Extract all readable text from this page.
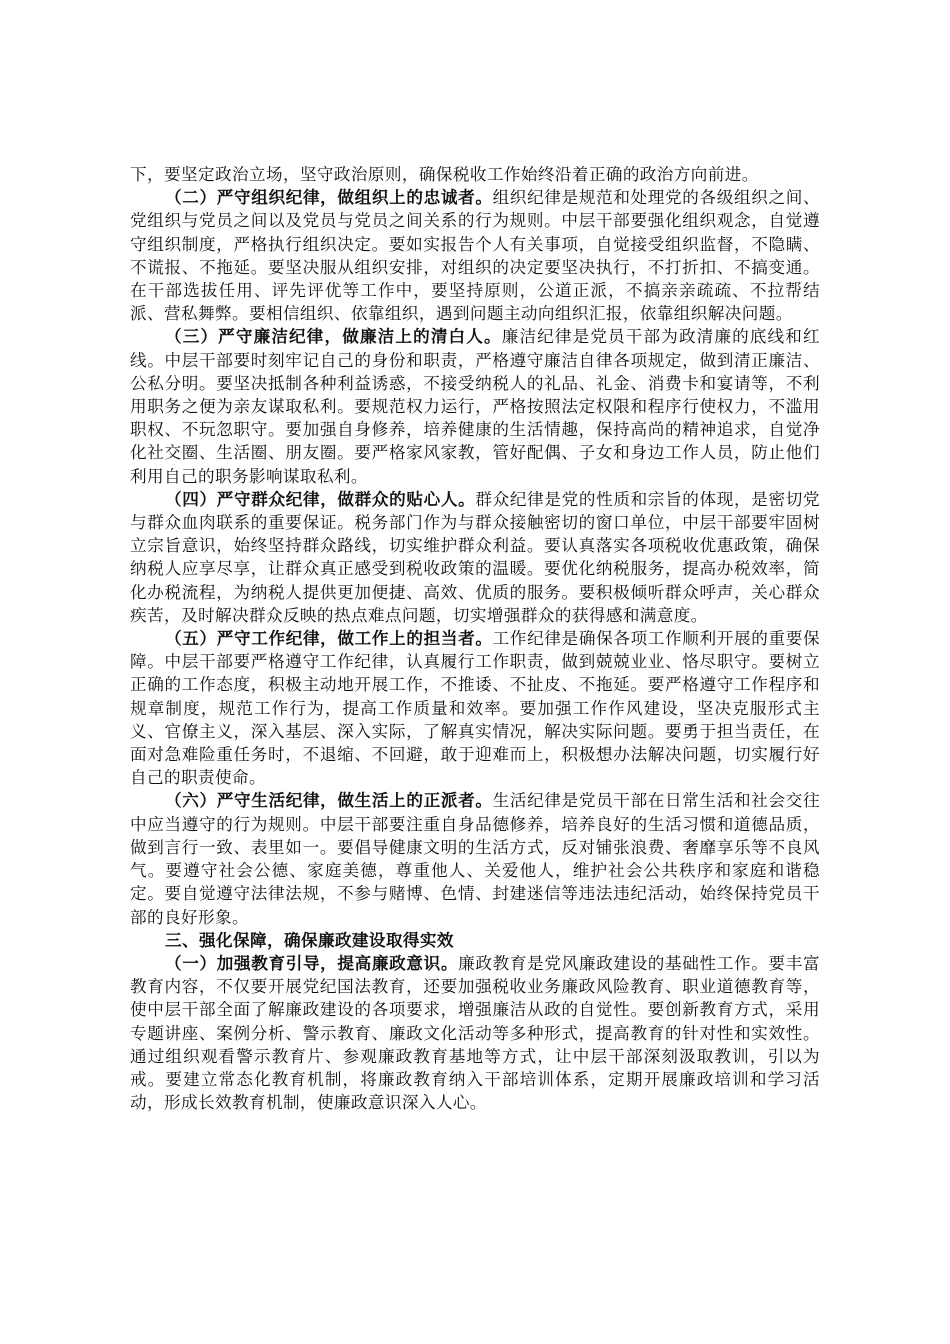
下，要坚定政治立场，坚守政治原则，确保税收工作始终沿着正确的政治方向前进。

（二）严守组织纪律，做组织上的忠诚者。组织纪律是规范和处理党的各级组织之间、党组织与党员之间以及党员与党员之间关系的行为规则。中层干部要强化组织观念，自觉遵守组织制度，严格执行组织决定。要如实报告个人有关事项，自觉接受组织监督，不隐瞒、不谎报、不拖延。要坚决服从组织安排，对组织的决定要坚决执行，不打折扣、不搞变通。在干部选拔任用、评先评优等工作中，要坚持原则，公道正派，不搞亲亲疏疏、不拉帮结派、营私舞弊。要相信组织、依靠组织，遇到问题主动向组织汇报，依靠组织解决问题。

（三）严守廉洁纪律，做廉洁上的清白人。廉洁纪律是党员干部为政清廉的底线和红线。中层干部要时刻牢记自己的身份和职责，严格遵守廉洁自律各项规定，做到清正廉洁、公私分明。要坚决抵制各种利益诱惑，不接受纳税人的礼品、礼金、消费卡和宴请等，不利用职务之便为亲友谋取私利。要规范权力运行，严格按照法定权限和程序行使权力，不滥用职权、不玩忽职守。要加强自身修养，培养健康的生活情趣，保持高尚的精神追求，自觉净化社交圈、生活圈、朋友圈。要严格家风家教，管好配偶、子女和身边工作人员，防止他们利用自己的职务影响谋取私利。

（四）严守群众纪律，做群众的贴心人。群众纪律是党的性质和宗旨的体现，是密切党与群众血肉联系的重要保证。税务部门作为与群众接触密切的窗口单位，中层干部要牢固树立宗旨意识，始终坚持群众路线，切实维护群众利益。要认真落实各项税收优惠政策，确保纳税人应享尽享，让群众真正感受到税收政策的温暖。要优化纳税服务，提高办税效率，简化办税流程，为纳税人提供更加便捷、高效、优质的服务。要积极倾听群众呼声，关心群众疾苦，及时解决群众反映的热点难点问题，切实增强群众的获得感和满意度。

（五）严守工作纪律，做工作上的担当者。工作纪律是确保各项工作顺利开展的重要保障。中层干部要严格遵守工作纪律，认真履行工作职责，做到兢兢业业、恪尽职守。要树立正确的工作态度，积极主动地开展工作，不推诿、不扯皮、不拖延。要严格遵守工作程序和规章制度，规范工作行为，提高工作质量和效率。要加强工作作风建设，坚决克服形式主义、官僚主义，深入基层、深入实际，了解真实情况，解决实际问题。要勇于担当责任，在面对急难险重任务时，不退缩、不回避，敢于迎难而上，积极想办法解决问题，切实履行好自己的职责使命。

（六）严守生活纪律，做生活上的正派者。生活纪律是党员干部在日常生活和社会交往中应当遵守的行为规则。中层干部要注重自身品德修养，培养良好的生活习惯和道德品质，做到言行一致、表里如一。要倡导健康文明的生活方式，反对铺张浪费、奢靡享乐等不良风气。要遵守社会公德、家庭美德，尊重他人、关爱他人，维护社会公共秩序和家庭和谐稳定。要自觉遵守法律法规，不参与赌博、色情、封建迷信等违法违纪活动，始终保持党员干部的良好形象。

三、强化保障，确保廉政建设取得实效

（一）加强教育引导，提高廉政意识。廉政教育是党风廉政建设的基础性工作。要丰富教育内容，不仅要开展党纪国法教育，还要加强税收业务廉政风险教育、职业道德教育等，使中层干部全面了解廉政建设的各项要求，增强廉洁从政的自觉性。要创新教育方式，采用专题讲座、案例分析、警示教育、廉政文化活动等多种形式，提高教育的针对性和实效性。通过组织观看警示教育片、参观廉政教育基地等方式，让中层干部深刻汲取教训，引以为戒。要建立常态化教育机制，将廉政教育纳入干部培训体系，定期开展廉政培训和学习活动，形成长效教育机制，使廉政意识深入人心。
